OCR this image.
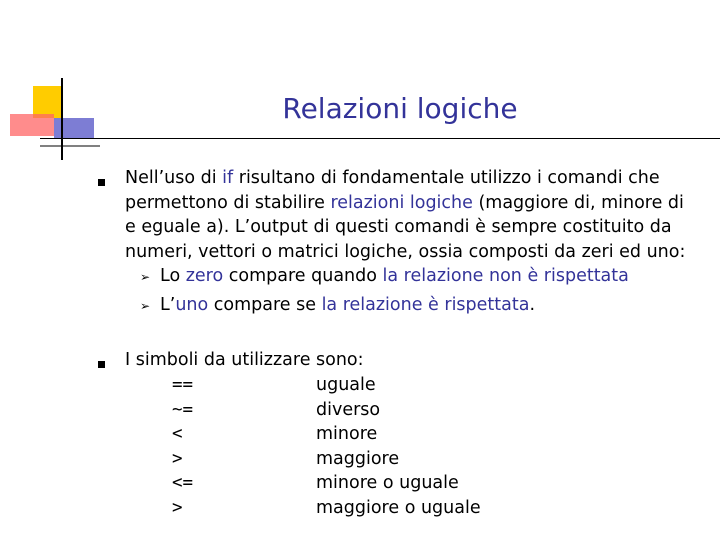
Relazioni logiche
Nell’uso di if risultano di fondamentale utilizzo i comandi che
permettono di stabilire relazioni logiche (maggiore di, minore di
e eguale a). L’output di questi comandi è sempre costituito da
numeri, vettori o matrici logiche, ossia composti da zeri ed uno:
➢ Lo zero compare quando la relazione non è rispettata
➢ L’uno compare se la relazione è rispettata.
I simboli da utilizzare sono:
==	uguale
~=	diverso
<	minore
>	maggiore
<=	minore o uguale
>	maggiore o uguale
